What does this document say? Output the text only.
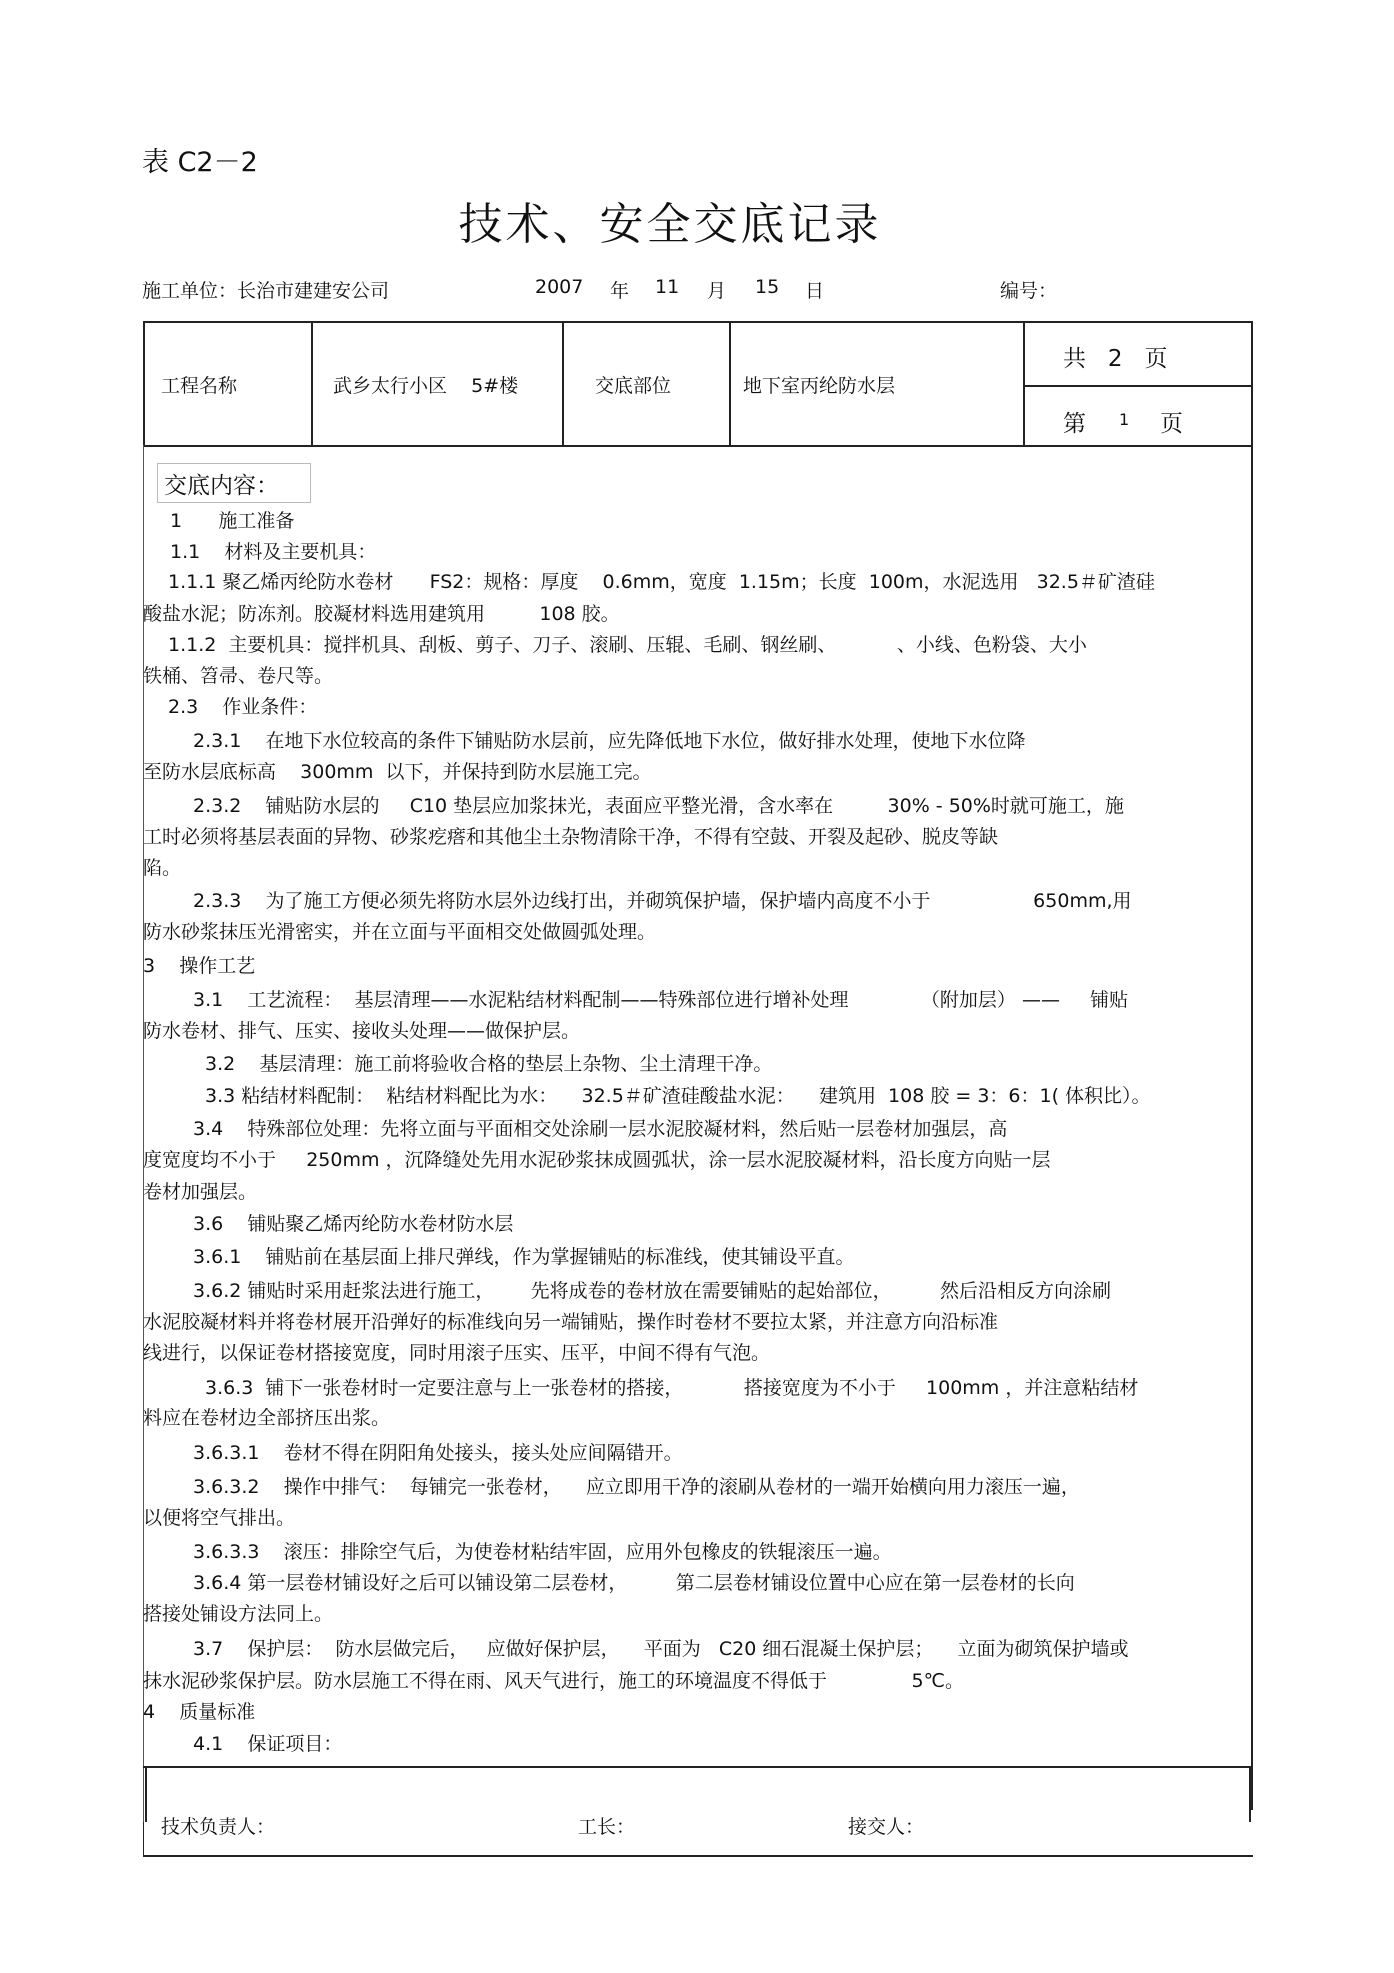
表 C2－2
技术、安全交底记录
施工单位：长治市建建安公司	2007 年 11 月 15 日	编号：
工程名称	武乡太行小区    5#楼	交底部位	地下室丙纶防水层
共   2   页
第 1 页
交底内容：
1      施工准备
1.1    材料及主要机具：
1.1.1 聚乙烯丙纶防水卷材      FS2：规格：厚度    0.6mm，宽度  1.15m；长度  100m，水泥选用   32.5＃矿渣硅
酸盐水泥；防冻剂。胶凝材料选用建筑用         108 胶。
1.1.2  主要机具：搅拌机具、刮板、剪子、刀子、滚刷、压辊、毛刷、钢丝刷、          、小线、色粉袋、大小
铁桶、笤帚、卷尺等。
2.3    作业条件：
2.3.1    在地下水位较高的条件下铺贴防水层前，应先降低地下水位，做好排水处理，使地下水位降
至防水层底标高    300mm  以下，并保持到防水层施工完。
2.3.2    铺贴防水层的     C10 垫层应加浆抹光，表面应平整光滑，含水率在         30% - 50%时就可施工，施
工时必须将基层表面的异物、砂浆疙瘩和其他尘土杂物清除干净，不得有空鼓、开裂及起砂、脱皮等缺
陷。
2.3.3    为了施工方便必须先将防水层外边线打出，并砌筑保护墙，保护墙内高度不小于                 650mm,用
防水砂浆抹压光滑密实，并在立面与平面相交处做圆弧处理。
3    操作工艺
3.1    工艺流程：  基层清理——水泥粘结材料配制——特殊部位进行增补处理            （附加层） ——     铺贴
防水卷材、排气、压实、接收头处理——做保护层。
3.2    基层清理：施工前将验收合格的垫层上杂物、尘土清理干净。
3.3 粘结材料配制：  粘结材料配比为水：    32.5＃矿渣硅酸盐水泥：    建筑用  108 胶 = 3：6：1( 体积比）。
3.4    特殊部位处理：先将立面与平面相交处涂刷一层水泥胶凝材料，然后贴一层卷材加强层，高
度宽度均不小于     250mm ，沉降缝处先用水泥砂浆抹成圆弧状，涂一层水泥胶凝材料，沿长度方向贴一层
卷材加强层。
3.6    铺贴聚乙烯丙纶防水卷材防水层
3.6.1    铺贴前在基层面上排尺弹线，作为掌握铺贴的标准线，使其铺设平直。
3.6.2 铺贴时采用赶浆法进行施工，      先将成卷的卷材放在需要铺贴的起始部位，        然后沿相反方向涂刷
水泥胶凝材料并将卷材展开沿弹好的标准线向另一端铺贴，操作时卷材不要拉太紧，并注意方向沿标准
线进行，以保证卷材搭接宽度，同时用滚子压实、压平，中间不得有气泡。
3.6.3  铺下一张卷材时一定要注意与上一张卷材的搭接，          搭接宽度为不小于     100mm ，并注意粘结材
料应在卷材边全部挤压出浆。
3.6.3.1    卷材不得在阴阳角处接头，接头处应间隔错开。
3.6.3.2    操作中排气：  每铺完一张卷材，    应立即用干净的滚刷从卷材的一端开始横向用力滚压一遍，
以便将空气排出。
3.6.3.3    滚压：排除空气后，为使卷材粘结牢固，应用外包橡皮的铁辊滚压一遍。
3.6.4 第一层卷材铺设好之后可以铺设第二层卷材，        第二层卷材铺设位置中心应在第一层卷材的长向
搭接处铺设方法同上。
3.7    保护层：  防水层做完后，   应做好保护层，    平面为   C20 细石混凝土保护层；    立面为砌筑保护墙或
抹水泥砂浆保护层。防水层施工不得在雨、风天气进行，施工的环境温度不得低于              5℃。
4    质量标准
4.1    保证项目：
技术负责人：	工长：	接交人：
